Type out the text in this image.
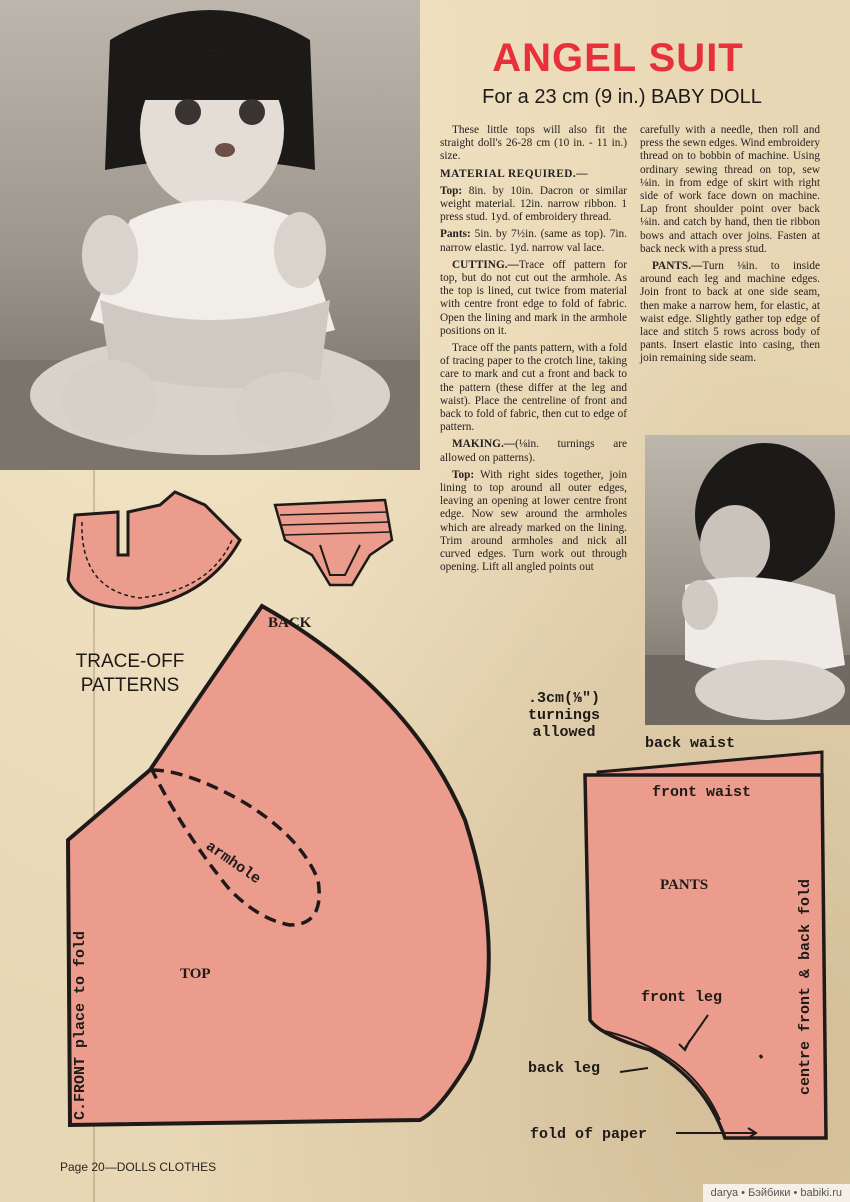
ANGEL SUIT
For a 23 cm (9 in.) BABY DOLL

These little tops will also fit the straight doll's 26-28 cm (10 in. - 11 in.) size.

MATERIAL REQUIRED.—

Top: 8in. by 10in. Dacron or similar weight material. 12in. narrow ribbon. 1 press stud. 1yd. of embroidery thread.

Pants: 5in. by 7½in. (same as top). 7in. narrow elastic. 1yd. narrow val lace.

CUTTING.—Trace off pattern for top, but do not cut out the armhole. As the top is lined, cut twice from material with centre front edge to fold of fabric. Open the lining and mark in the armhole positions on it.

Trace off the pants pattern, with a fold of tracing paper to the crotch line, taking care to mark and cut a front and back to the pattern (these differ at the leg and waist). Place the centreline of front and back to fold of fabric, then cut to edge of pattern.

MAKING.—(⅛in. turnings are allowed on patterns).

Top: With right sides together, join lining to top around all outer edges, leaving an opening at lower centre front edge. Now sew around the armholes which are already marked on the lining. Trim around armholes and nick all curved edges. Turn work out through opening. Lift all angled points out

carefully with a needle, then roll and press the sewn edges. Wind embroidery thread on to bobbin of machine. Using ordinary sewing thread on top, sew ⅛in. in from edge of skirt with right side of work face down on machine. Lap front shoulder point over back ⅛in. and catch by hand, then tie ribbon bows and attach over joins. Fasten at back neck with a press stud.

PANTS.—Turn ⅛in. to inside around each leg and machine edges. Join front to back at one side seam, then make a narrow hem, for elastic, at waist edge. Slightly gather top edge of lace and stitch 5 rows across body of pants. Insert elastic into casing, then join remaining side seam.

TRACE-OFF
PATTERNS
BACK
armhole
TOP
C.FRONT place to fold
.3cm(⅛")
turnings
allowed
back waist
front waist
PANTS	centre front & back fold
front leg
back leg
fold of paper
Page 20—DOLLS CLOTHES
darya • Бэйбики • babiki.ru
